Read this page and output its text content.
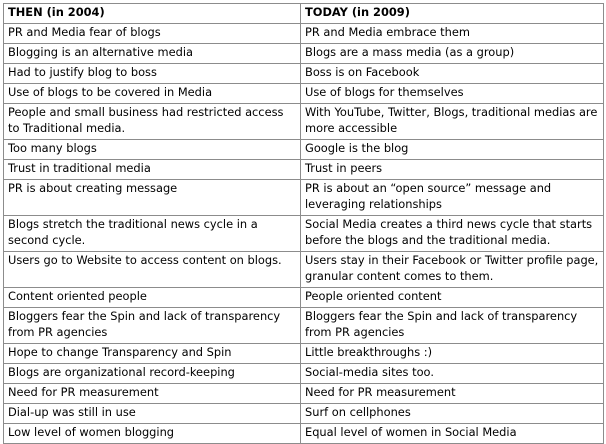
THEN (in 2004)	TODAY (in 2009)
PR and Media fear of blogs	PR and Media embrace them
Blogging is an alternative media	Blogs are a mass media (as a group)
Had to justify blog to boss	Boss is on Facebook
Use of blogs to be covered in Media	Use of blogs for themselves
People and small business had restricted access to Traditional media.	With YouTube, Twitter, Blogs, traditional medias are more accessible
Too many blogs	Google is the blog
Trust in traditional media	Trust in peers
PR is about creating message	PR is about an “open source” message and leveraging relationships
Blogs stretch the traditional news cycle in a second cycle.	Social Media creates a third news cycle that starts before the blogs and the traditional media.
Users go to Website to access content on blogs.	Users stay in their Facebook or Twitter profile page, granular content comes to them.
Content oriented people	People oriented content
Bloggers fear the Spin and lack of transparency from PR agencies	Bloggers fear the Spin and lack of transparency from PR agencies
Hope to change Transparency and Spin	Little breakthroughs :)
Blogs are organizational record-keeping	Social-media sites too.
Need for PR measurement	Need for PR measurement
Dial-up was still in use	Surf on cellphones
Low level of women blogging	Equal level of women in Social Media
